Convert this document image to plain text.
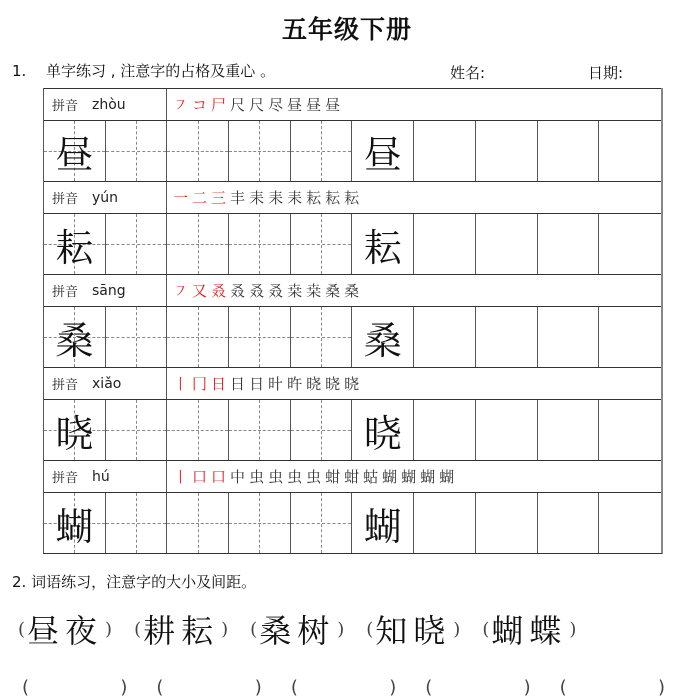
五年级下册
1. 单字练习 , 注意字的占格及重心 。	姓名:	日期:
拼音 zhòu	㇇ コ 尸 尺 尺 尽 昼 昼 昼
昼	昼
拼音 yún	一 二 三 丰 耒 耒 耒 耘 耘 耘
耘	耘
拼音 sāng	㇇ 又 叒 叒 叒 叒 桒 桒 桑 桑
桑	桑
拼音 xiǎo	丨 冂 日 日 日 旪 旿 晓 晓 晓
晓	晓
拼音 hú	丨 口 口 中 虫 虫 虫 虫 蚶 蚶 蛄 蝴 蝴 蝴 蝴
蝴	蝴
2. 词语练习，注意字的大小及间距。
( 昼夜 ) ( 耕耘 ) ( 桑树 ) ( 知晓 ) ( 蝴蝶 )
(	) (	) (	) (	) (	)
